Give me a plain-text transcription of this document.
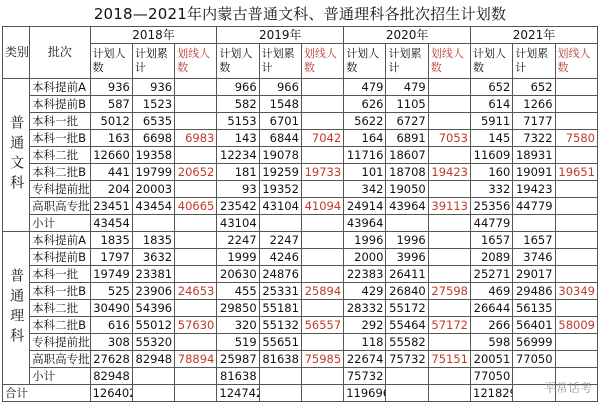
2018—2021年内蒙古普通文科、普通理科各批次招生计划数
类别	批次	2018年			2019年			2020年			2021年		
		计划人数	计划累计	划线人数	计划人数	计划累计	划线人数	计划人数	计划累计	划线人数	计划人数	计划累计	划线人数
普通文科	本科提前A	936	936		966	966		479	479		652	652	
	本科提前B	587	1523		582	1548		626	1105		614	1266	
	本科一批	5012	6535		5153	6701		5622	6727		5911	7177	
	本科一批B	163	6698	6983	143	6844	7042	164	6891	7053	145	7322	7580
	本科二批	12660	19358		12234	19078		11716	18607		11609	18931	
	本科二批B	441	19799	20652	181	19259	19733	101	18708	19423	160	19091	19651
	专科提前批	204	20003		93	19352		342	19050		332	19423	
	高职高专批	23451	43454	40665	23542	43104	41094	24914	43964	39113	25356	44779	
	小计	43454			43104			43964			44779		
普通理科	本科提前A	1835	1835		2247	2247		1996	1996		1657	1657	
	本科提前B	1797	3632		1999	4246		2000	3996		2089	3746	
	本科一批	19749	23381		20630	24876		22383	26411		25271	29017	
	本科一批B	525	23906	24653	455	25331	25894	429	26840	27598	469	29486	30349
	本科二批	30490	54396		29850	55181		28332	55172		26644	56135	
	本科二批B	616	55012	57630	320	55132	56557	292	55464	57172	266	56401	58009
	专科提前批	308	55320		519	55651		118	55582		598	56999	
	高职高专批	27628	82948	78894	25987	81638	75985	22674	75732	75151	20051	77050	
	小计	82948			81638			75732			77050		
合计		126402			124742			119696			121829		平常话考
